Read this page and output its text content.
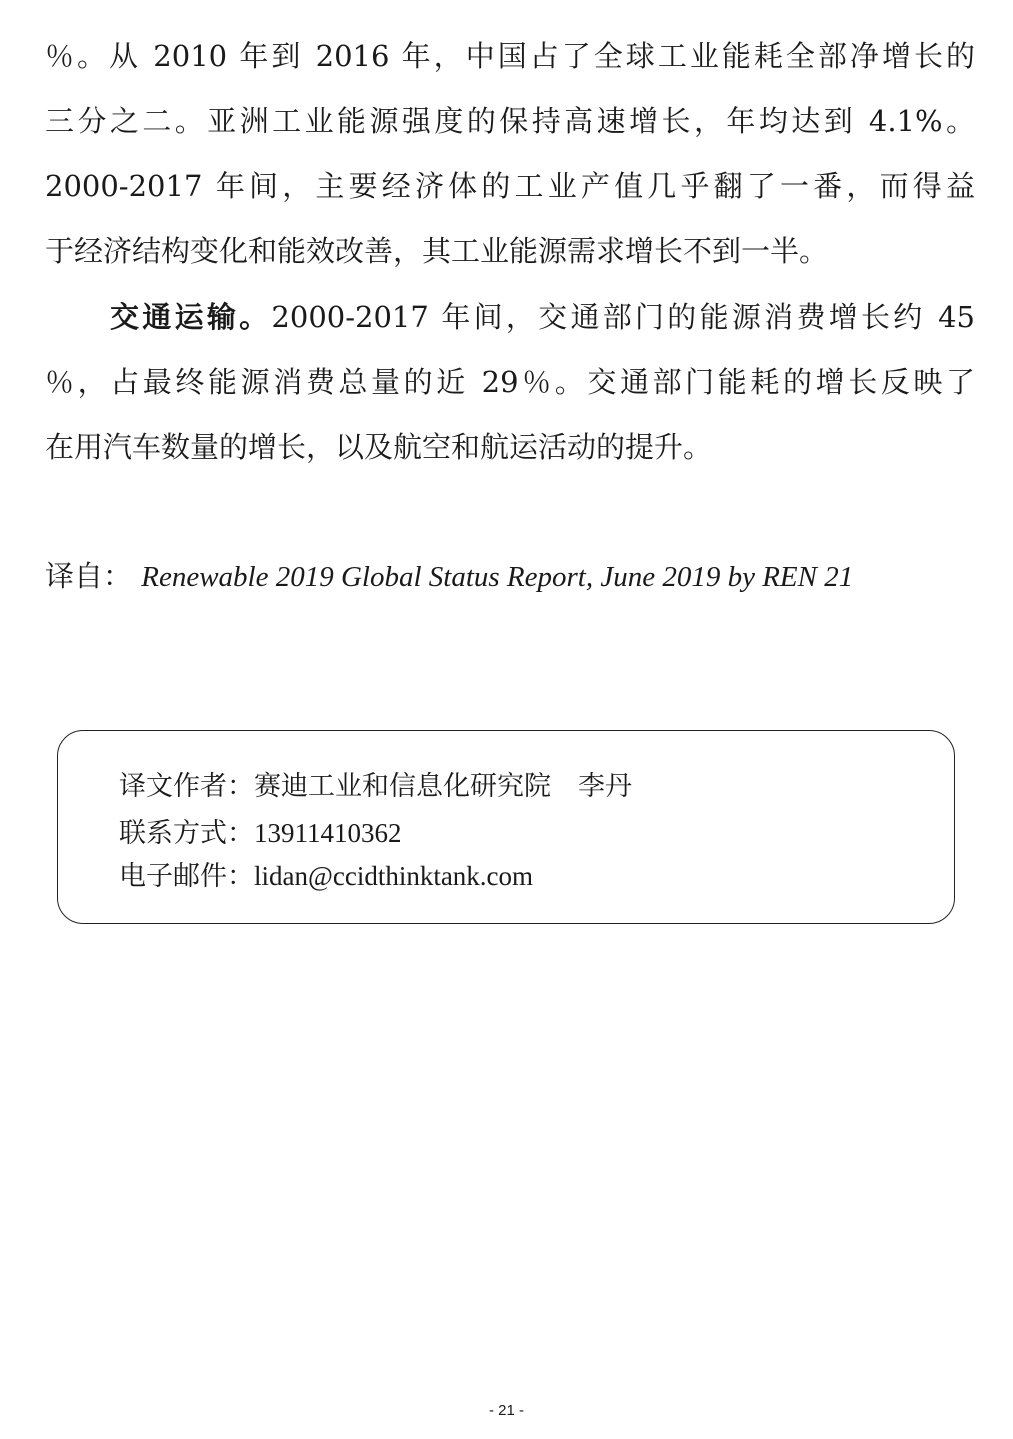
％。从 2010 年到 2016 年，中国占了全球工业能耗全部净增长的
三分之二。亚洲工业能源强度的保持高速增长，年均达到 4.1%。
2000-2017 年间，主要经济体的工业产值几乎翻了一番，而得益
于经济结构变化和能效改善，其工业能源需求增长不到一半。
交通运输。2000-2017 年间，交通部门的能源消费增长约 45
％，占最终能源消费总量的近 29％。交通部门能耗的增长反映了
在用汽车数量的增长，以及航空和航运活动的提升。
译自： Renewable 2019 Global Status Report, June 2019 by REN 21
译文作者：赛迪工业和信息化研究院　李丹
联系方式：13911410362
电子邮件：lidan@ccidthinktank.com
- 21 -
